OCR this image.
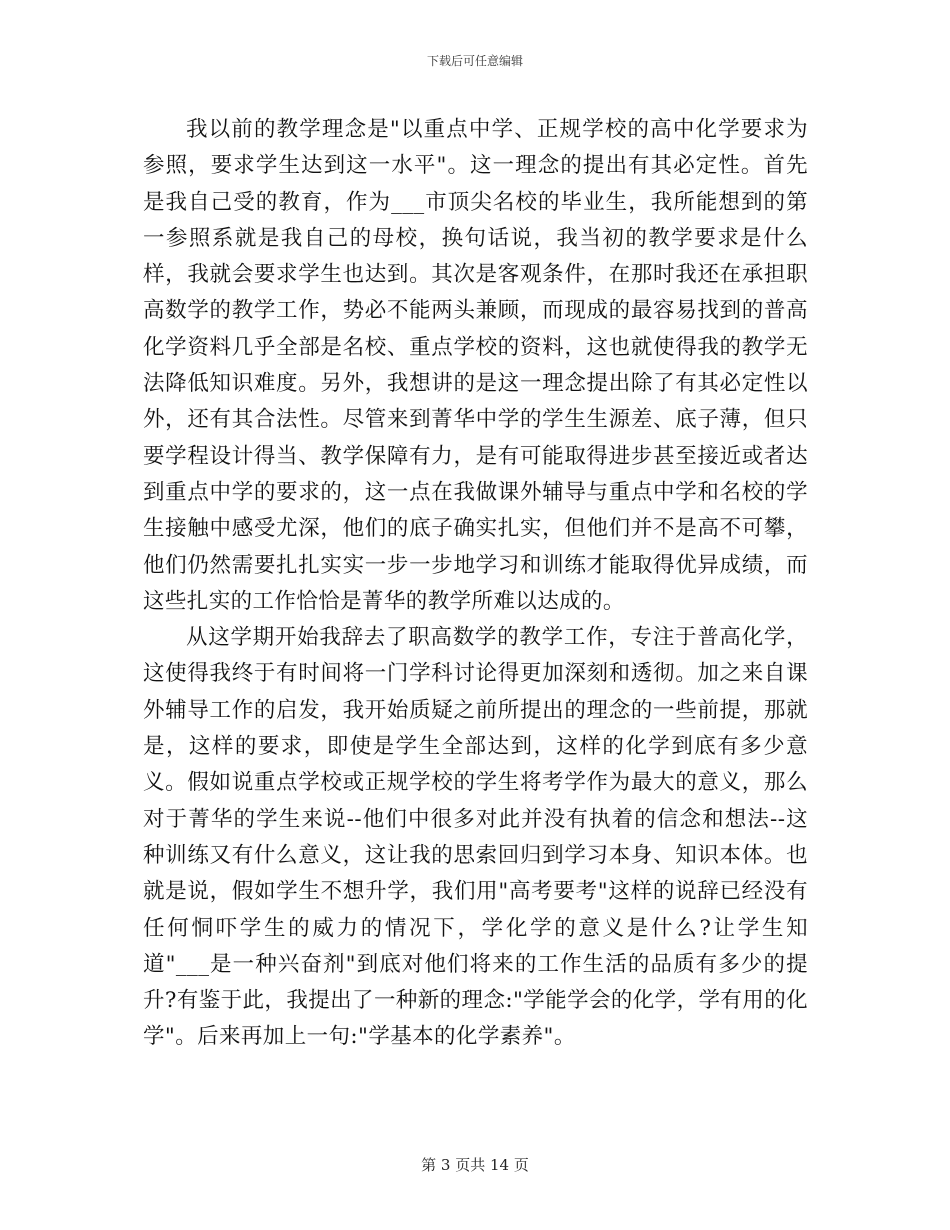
下载后可任意编辑

我以前的教学理念是"以重点中学、正规学校的高中化学要求为参照，要求学生达到这一水平"。这一理念的提出有其必定性。首先是我自己受的教育，作为___市顶尖名校的毕业生，我所能想到的第一参照系就是我自己的母校，换句话说，我当初的教学要求是什么样，我就会要求学生也达到。其次是客观条件，在那时我还在承担职高数学的教学工作，势必不能两头兼顾，而现成的最容易找到的普高化学资料几乎全部是名校、重点学校的资料，这也就使得我的教学无法降低知识难度。另外，我想讲的是这一理念提出除了有其必定性以外，还有其合法性。尽管来到菁华中学的学生生源差、底子薄，但只要学程设计得当、教学保障有力，是有可能取得进步甚至接近或者达到重点中学的要求的，这一点在我做课外辅导与重点中学和名校的学生接触中感受尤深，他们的底子确实扎实，但他们并不是高不可攀，他们仍然需要扎扎实实一步一步地学习和训练才能取得优异成绩，而这些扎实的工作恰恰是菁华的教学所难以达成的。

从这学期开始我辞去了职高数学的教学工作，专注于普高化学，这使得我终于有时间将一门学科讨论得更加深刻和透彻。加之来自课外辅导工作的启发，我开始质疑之前所提出的理念的一些前提，那就是，这样的要求，即使是学生全部达到，这样的化学到底有多少意义。假如说重点学校或正规学校的学生将考学作为最大的意义，那么对于菁华的学生来说--他们中很多对此并没有执着的信念和想法--这种训练又有什么意义，这让我的思索回归到学习本身、知识本体。也就是说，假如学生不想升学，我们用"高考要考"这样的说辞已经没有任何恫吓学生的威力的情况下，学化学的意义是什么?让学生知道"___是一种兴奋剂"到底对他们将来的工作生活的品质有多少的提升?有鉴于此，我提出了一种新的理念:"学能学会的化学，学有用的化学"。后来再加上一句:"学基本的化学素养"。

第 3 页共 14 页
